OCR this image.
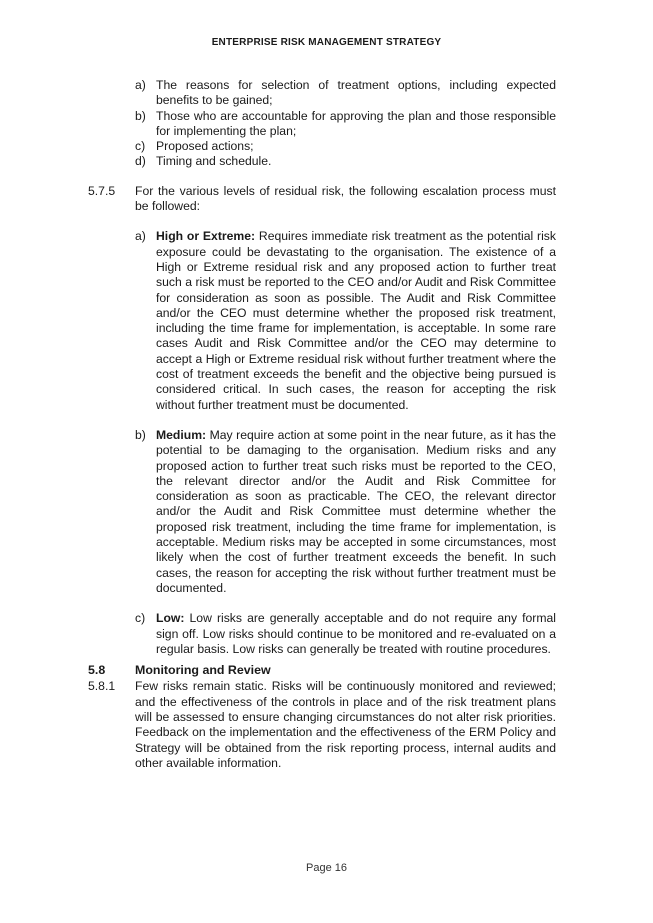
ENTERPRISE RISK MANAGEMENT STRATEGY
a) The reasons for selection of treatment options, including expected benefits to be gained;
b) Those who are accountable for approving the plan and those responsible for implementing the plan;
c) Proposed actions;
d) Timing and schedule.
5.7.5	For the various levels of residual risk, the following escalation process must be followed:
a) High or Extreme: Requires immediate risk treatment as the potential risk exposure could be devastating to the organisation. The existence of a High or Extreme residual risk and any proposed action to further treat such a risk must be reported to the CEO and/or Audit and Risk Committee for consideration as soon as possible. The Audit and Risk Committee and/or the CEO must determine whether the proposed risk treatment, including the time frame for implementation, is acceptable. In some rare cases Audit and Risk Committee and/or the CEO may determine to accept a High or Extreme residual risk without further treatment where the cost of treatment exceeds the benefit and the objective being pursued is considered critical. In such cases, the reason for accepting the risk without further treatment must be documented.
b) Medium: May require action at some point in the near future, as it has the potential to be damaging to the organisation. Medium risks and any proposed action to further treat such risks must be reported to the CEO, the relevant director and/or the Audit and Risk Committee for consideration as soon as practicable. The CEO, the relevant director and/or the Audit and Risk Committee must determine whether the proposed risk treatment, including the time frame for implementation, is acceptable. Medium risks may be accepted in some circumstances, most likely when the cost of further treatment exceeds the benefit. In such cases, the reason for accepting the risk without further treatment must be documented.
c) Low: Low risks are generally acceptable and do not require any formal sign off. Low risks should continue to be monitored and re-evaluated on a regular basis. Low risks can generally be treated with routine procedures.
5.8	Monitoring and Review
5.8.1	Few risks remain static. Risks will be continuously monitored and reviewed; and the effectiveness of the controls in place and of the risk treatment plans will be assessed to ensure changing circumstances do not alter risk priorities. Feedback on the implementation and the effectiveness of the ERM Policy and Strategy will be obtained from the risk reporting process, internal audits and other available information.
Page 16
